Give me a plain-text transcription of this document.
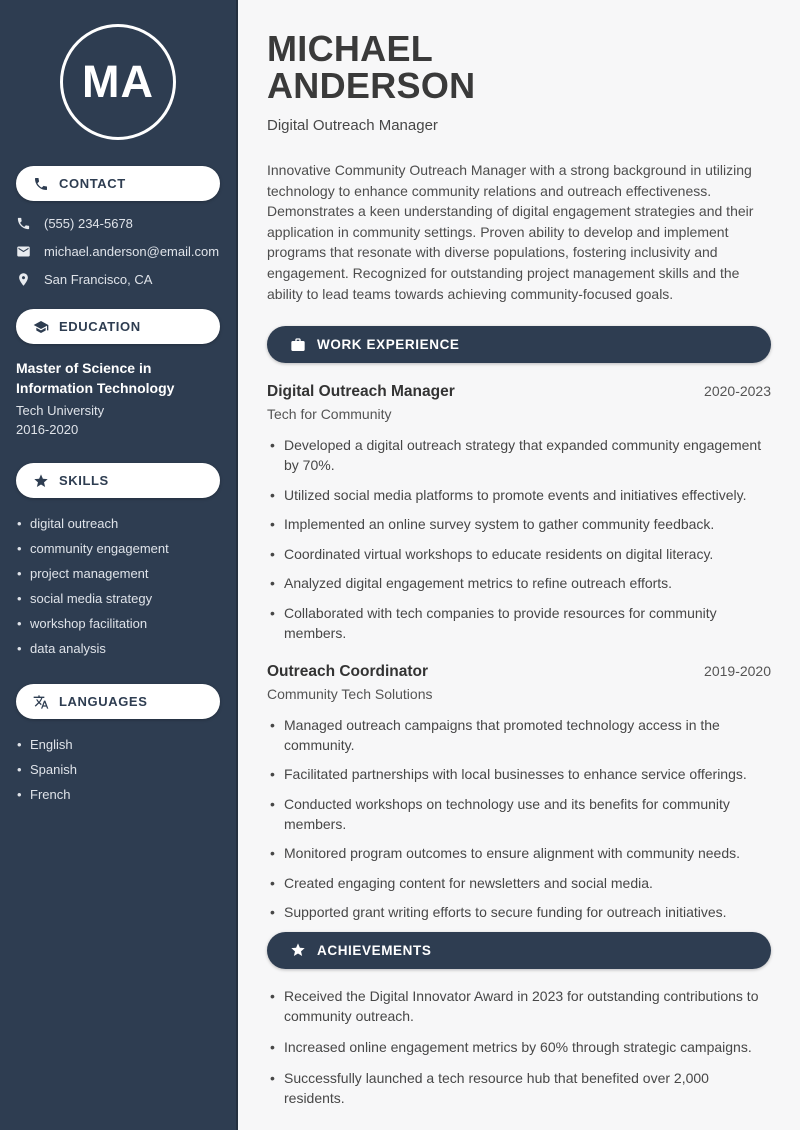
MA
CONTACT
(555) 234-5678
michael.anderson@email.com
San Francisco, CA
EDUCATION
Master of Science in Information Technology
Tech University
2016-2020
SKILLS
• digital outreach
• community engagement
• project management
• social media strategy
• workshop facilitation
• data analysis
LANGUAGES
• English
• Spanish
• French
MICHAEL
ANDERSON
Digital Outreach Manager

Innovative Community Outreach Manager with a strong background in utilizing technology to enhance community relations and outreach effectiveness. Demonstrates a keen understanding of digital engagement strategies and their application in community settings. Proven ability to develop and implement programs that resonate with diverse populations, fostering inclusivity and engagement. Recognized for outstanding project management skills and the ability to lead teams towards achieving community-focused goals.

WORK EXPERIENCE
Digital Outreach Manager	2020-2023
Tech for Community
• Developed a digital outreach strategy that expanded community engagement by 70%.
• Utilized social media platforms to promote events and initiatives effectively.
• Implemented an online survey system to gather community feedback.
• Coordinated virtual workshops to educate residents on digital literacy.
• Analyzed digital engagement metrics to refine outreach efforts.
• Collaborated with tech companies to provide resources for community members.
Outreach Coordinator	2019-2020
Community Tech Solutions
• Managed outreach campaigns that promoted technology access in the community.
• Facilitated partnerships with local businesses to enhance service offerings.
• Conducted workshops on technology use and its benefits for community members.
• Monitored program outcomes to ensure alignment with community needs.
• Created engaging content for newsletters and social media.
• Supported grant writing efforts to secure funding for outreach initiatives.
ACHIEVEMENTS
• Received the Digital Innovator Award in 2023 for outstanding contributions to community outreach.
• Increased online engagement metrics by 60% through strategic campaigns.
• Successfully launched a tech resource hub that benefited over 2,000 residents.
